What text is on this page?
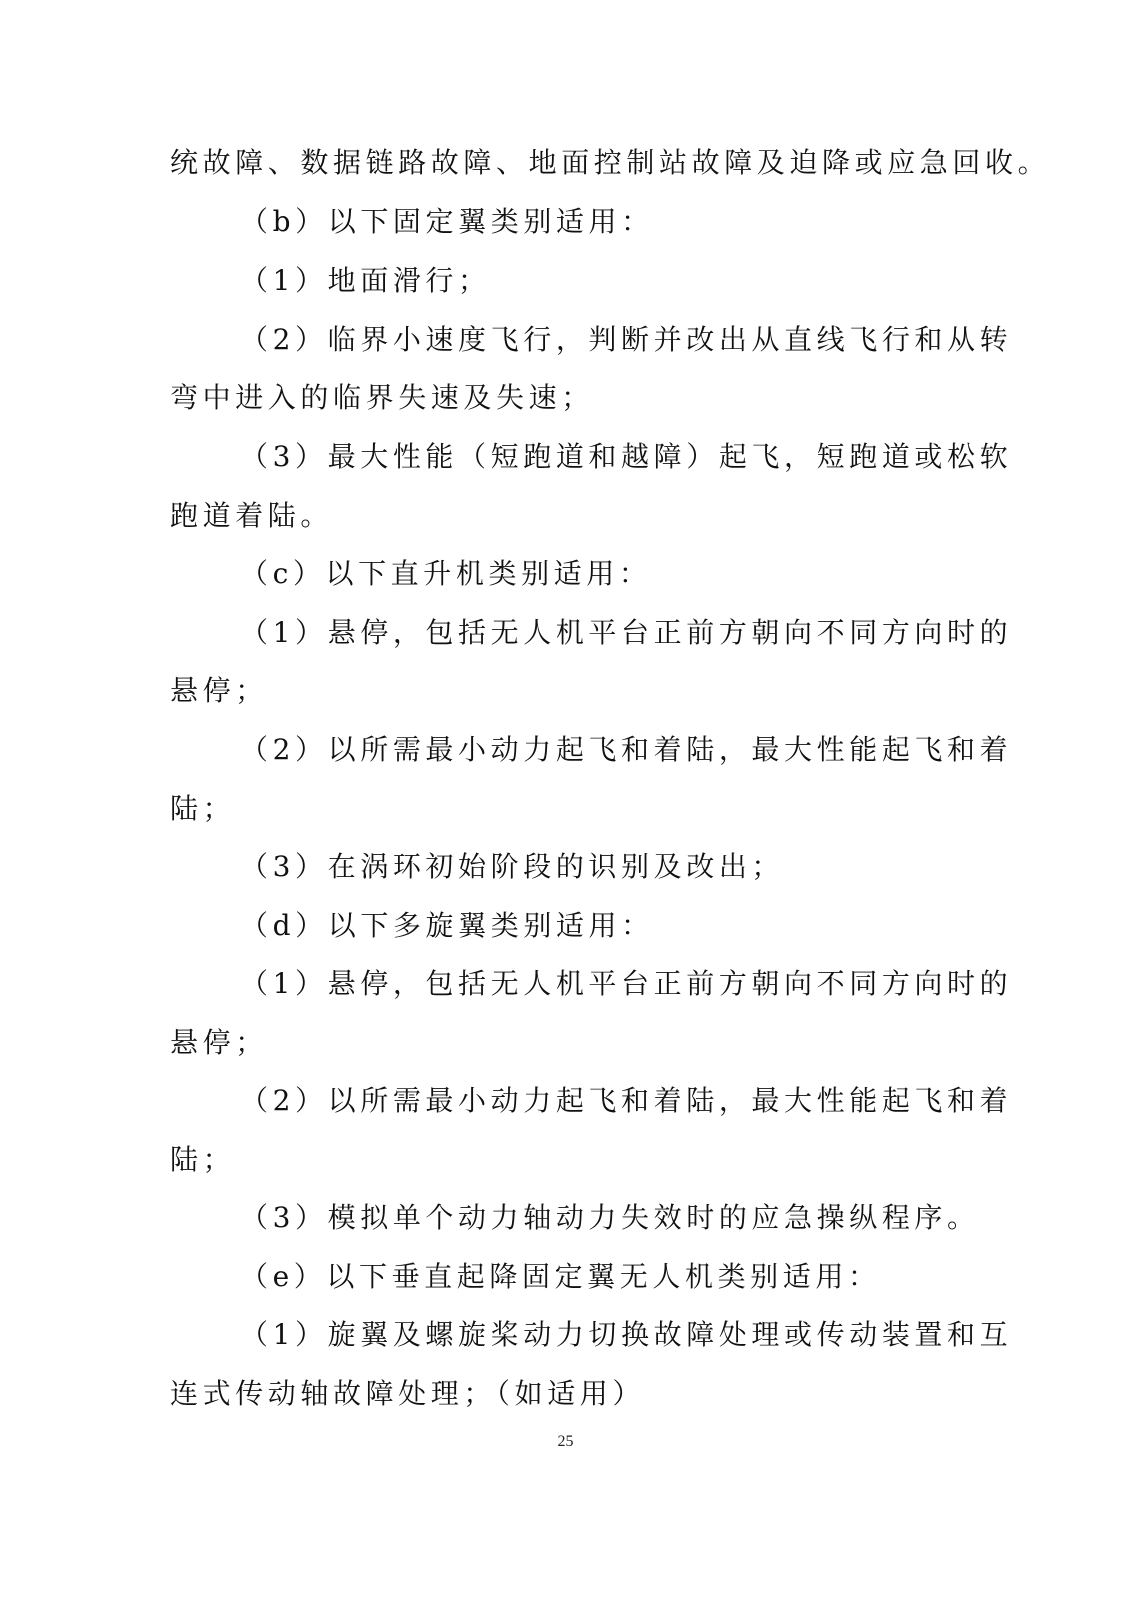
统故障、数据链路故障、地面控制站故障及迫降或应急回收。
（b）以下固定翼类别适用：
（1）地面滑行；
（2）临界小速度飞行，判断并改出从直线飞行和从转
弯中进入的临界失速及失速；
（3）最大性能（短跑道和越障）起飞，短跑道或松软
跑道着陆。
（c）以下直升机类别适用：
（1）悬停，包括无人机平台正前方朝向不同方向时的
悬停；
（2）以所需最小动力起飞和着陆，最大性能起飞和着
陆；
（3）在涡环初始阶段的识别及改出；
（d）以下多旋翼类别适用：
（1）悬停，包括无人机平台正前方朝向不同方向时的
悬停；
（2）以所需最小动力起飞和着陆，最大性能起飞和着
陆；
（3）模拟单个动力轴动力失效时的应急操纵程序。
（e）以下垂直起降固定翼无人机类别适用：
（1）旋翼及螺旋桨动力切换故障处理或传动装置和互
连式传动轴故障处理；（如适用）
25
